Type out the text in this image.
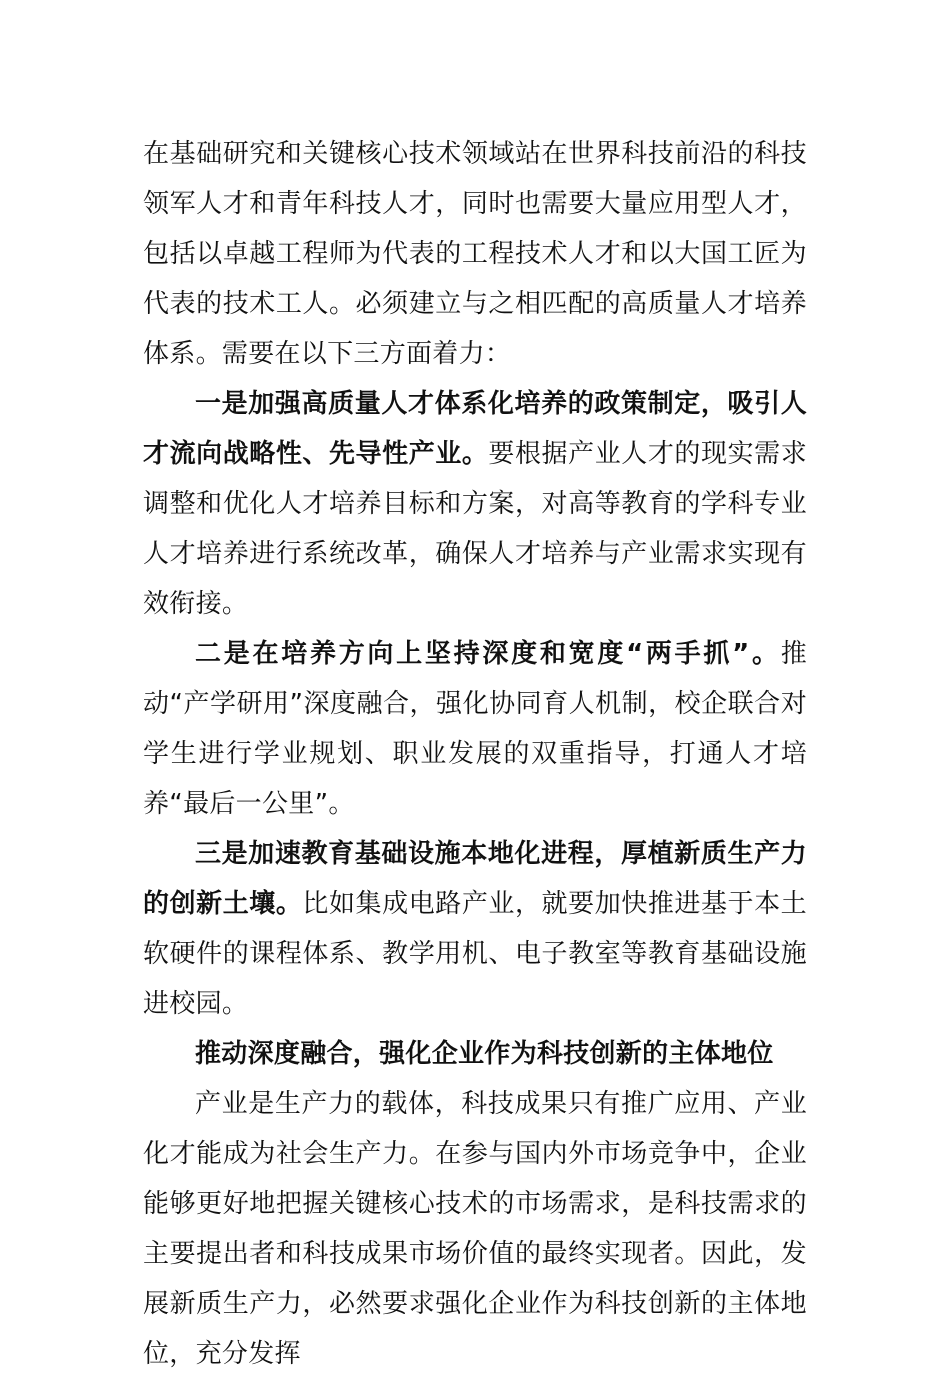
在基础研究和关键核心技术领域站在世界科技前沿的科技领军人才和青年科技人才，同时也需要大量应用型人才，包括以卓越工程师为代表的工程技术人才和以大国工匠为代表的技术工人。必须建立与之相匹配的高质量人才培养体系。需要在以下三方面着力：

一是加强高质量人才体系化培养的政策制定，吸引人才流向战略性、先导性产业。要根据产业人才的现实需求调整和优化人才培养目标和方案，对高等教育的学科专业人才培养进行系统改革，确保人才培养与产业需求实现有效衔接。

二是在培养方向上坚持深度和宽度“两手抓”。推动“产学研用”深度融合，强化协同育人机制，校企联合对学生进行学业规划、职业发展的双重指导，打通人才培养“最后一公里”。

三是加速教育基础设施本地化进程，厚植新质生产力的创新土壤。比如集成电路产业，就要加快推进基于本土软硬件的课程体系、教学用机、电子教室等教育基础设施进校园。

推动深度融合，强化企业作为科技创新的主体地位

产业是生产力的载体，科技成果只有推广应用、产业化才能成为社会生产力。在参与国内外市场竞争中，企业能够更好地把握关键核心技术的市场需求，是科技需求的主要提出者和科技成果市场价值的最终实现者。因此，发展新质生产力，必然要求强化企业作为科技创新的主体地位，充分发挥
